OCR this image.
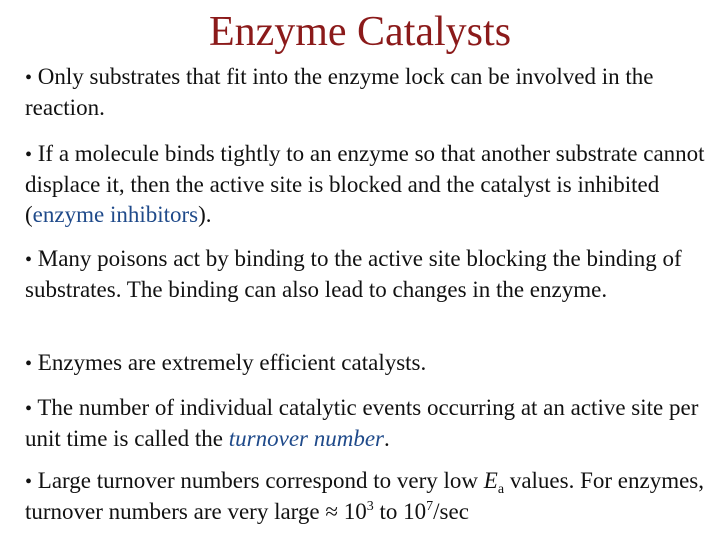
Enzyme Catalysts

• Only substrates that fit into the enzyme lock can be involved in the reaction.

• If a molecule binds tightly to an enzyme so that another substrate cannot displace it, then the active site is blocked and the catalyst is inhibited (enzyme inhibitors).

• Many poisons act by binding to the active site blocking the binding of substrates. The binding can also lead to changes in the enzyme.

• Enzymes are extremely efficient catalysts.

• The number of individual catalytic events occurring at an active site per unit time is called the turnover number.

• Large turnover numbers correspond to very low $E_a$ values. For enzymes, turnover numbers are very large ≈ $10^3$ to $10^7/\sec$
